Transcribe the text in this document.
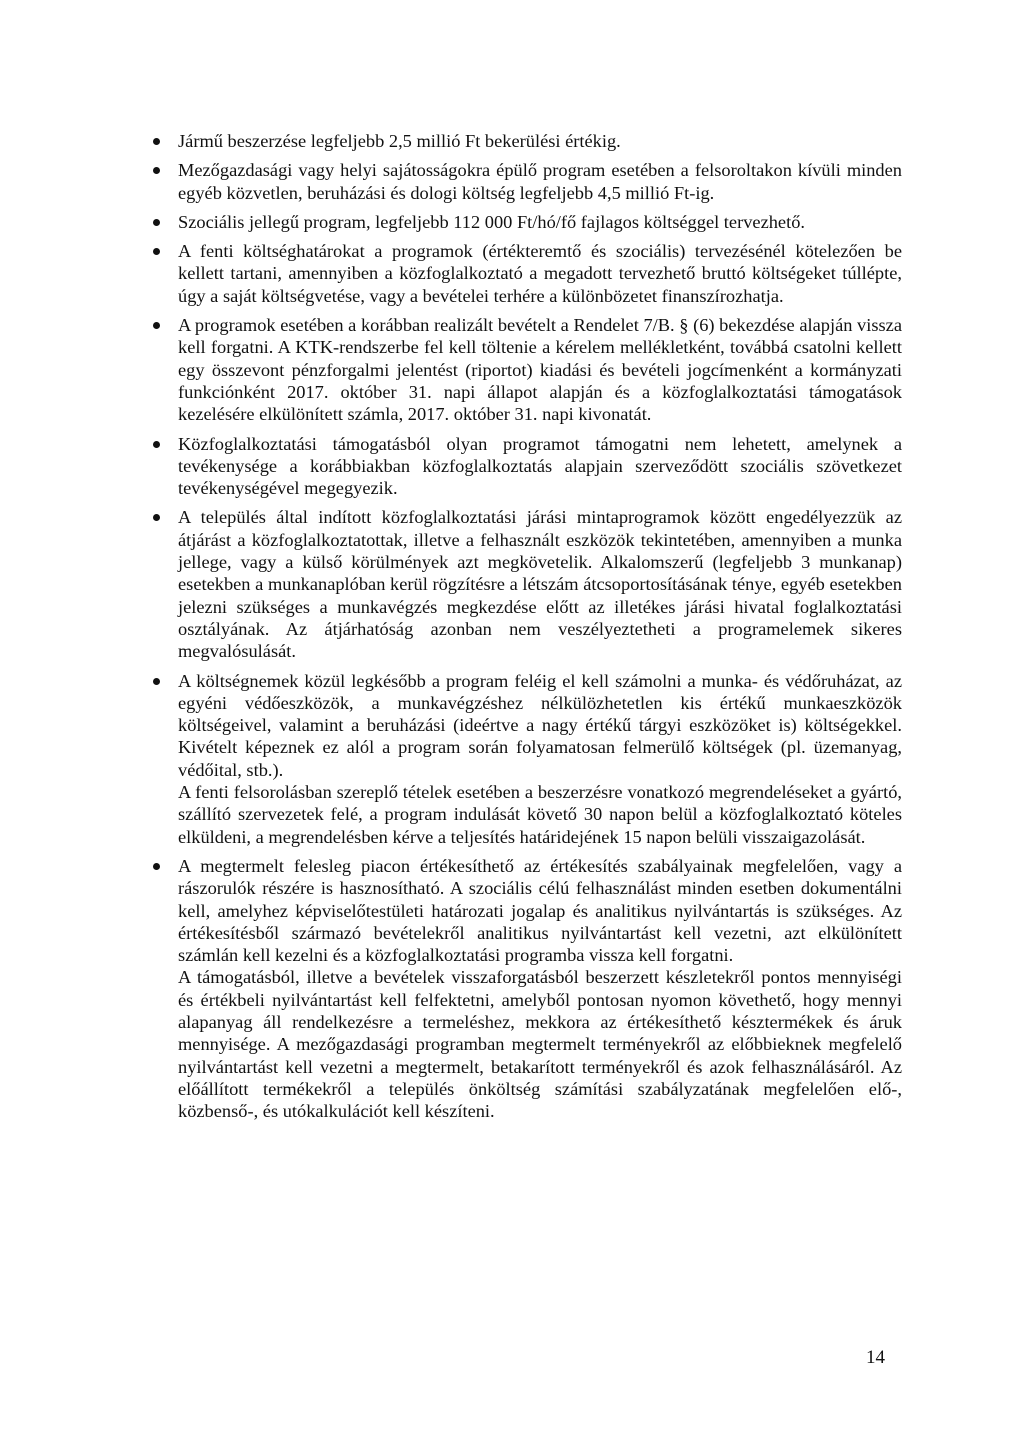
Jármű beszerzése legfeljebb 2,5 millió Ft bekerülési értékig.
Mezőgazdasági vagy helyi sajátosságokra épülő program esetében a felsoroltakon kívüli minden egyéb közvetlen, beruházási és dologi költség legfeljebb 4,5 millió Ft-ig.
Szociális jellegű program, legfeljebb 112 000 Ft/hó/fő fajlagos költséggel tervezhető.
A fenti költséghatárokat a programok (értékteremtő és szociális) tervezésénél kötelezően be kellett tartani, amennyiben a közfoglalkoztató a megadott tervezhető bruttó költségeket túllépte, úgy a saját költségvetése, vagy a bevételei terhére a különbözetet finanszírozhatja.
A programok esetében a korábban realizált bevételt a Rendelet 7/B. § (6) bekezdése alapján vissza kell forgatni. A KTK-rendszerbe fel kell töltenie a kérelem mellékletként, továbbá csatolni kellett egy összevont pénzforgalmi jelentést (riportot) kiadási és bevételi jogcímenként a kormányzati funkciónként 2017. október 31. napi állapot alapján és a közfoglalkoztatási támogatások kezelésére elkülönített számla, 2017. október 31. napi kivonatát.
Közfoglalkoztatási támogatásból olyan programot támogatni nem lehetett, amelynek a tevékenysége a korábbiakban közfoglalkoztatás alapjain szerveződött szociális szövetkezet tevékenységével megegyezik.
A település által indított közfoglalkoztatási járási mintaprogramok között engedélyezzük az átjárást a közfoglalkoztatottak, illetve a felhasznált eszközök tekintetében, amennyiben a munka jellege, vagy a külső körülmények azt megkövetelik. Alkalomszerű (legfeljebb 3 munkanap) esetekben a munkanaplóban kerül rögzítésre a létszám átcsoportosításának ténye, egyéb esetekben jelezni szükséges a munkavégzés megkezdése előtt az illetékes járási hivatal foglalkoztatási osztályának. Az átjárhatóság azonban nem veszélyeztetheti a programelemek sikeres megvalósulását.
A költségnemek közül legkésőbb a program feléig el kell számolni a munka- és védőruházat, az egyéni védőeszközök, a munkavégzéshez nélkülözhetetlen kis értékű munkaeszközök költségeivel, valamint a beruházási (ideértve a nagy értékű tárgyi eszközöket is) költségekkel. Kivételt képeznek ez alól a program során folyamatosan felmerülő költségek (pl. üzemanyag, védőital, stb.).
A fenti felsorolásban szereplő tételek esetében a beszerzésre vonatkozó megrendeléseket a gyártó, szállító szervezetek felé, a program indulását követő 30 napon belül a közfoglalkoztató köteles elküldeni, a megrendelésben kérve a teljesítés határidejének 15 napon belüli visszaigazolását.
A megtermelt felesleg piacon értékesíthető az értékesítés szabályainak megfelelően, vagy a rászorulók részére is hasznosítható. A szociális célú felhasználást minden esetben dokumentálni kell, amelyhez képviselőtestületi határozati jogalap és analitikus nyilvántartás is szükséges. Az értékesítésből származó bevételekről analitikus nyilvántartást kell vezetni, azt elkülönített számlán kell kezelni és a közfoglalkoztatási programba vissza kell forgatni.
A támogatásból, illetve a bevételek visszaforgatásból beszerzett készletekről pontos mennyiségi és értékbeli nyilvántartást kell felfektetni, amelyből pontosan nyomon követhető, hogy mennyi alapanyag áll rendelkezésre a termeléshez, mekkora az értékesíthető késztermékek és áruk mennyisége. A mezőgazdasági programban megtermelt terményekről az előbbieknek megfelelő nyilvántartást kell vezetni a megtermelt, betakarított terményekről és azok felhasználásáról. Az előállított termékekről a település önköltség számítási szabályzatának megfelelően elő-, közbenső-, és utókalkulációt kell készíteni.
14
